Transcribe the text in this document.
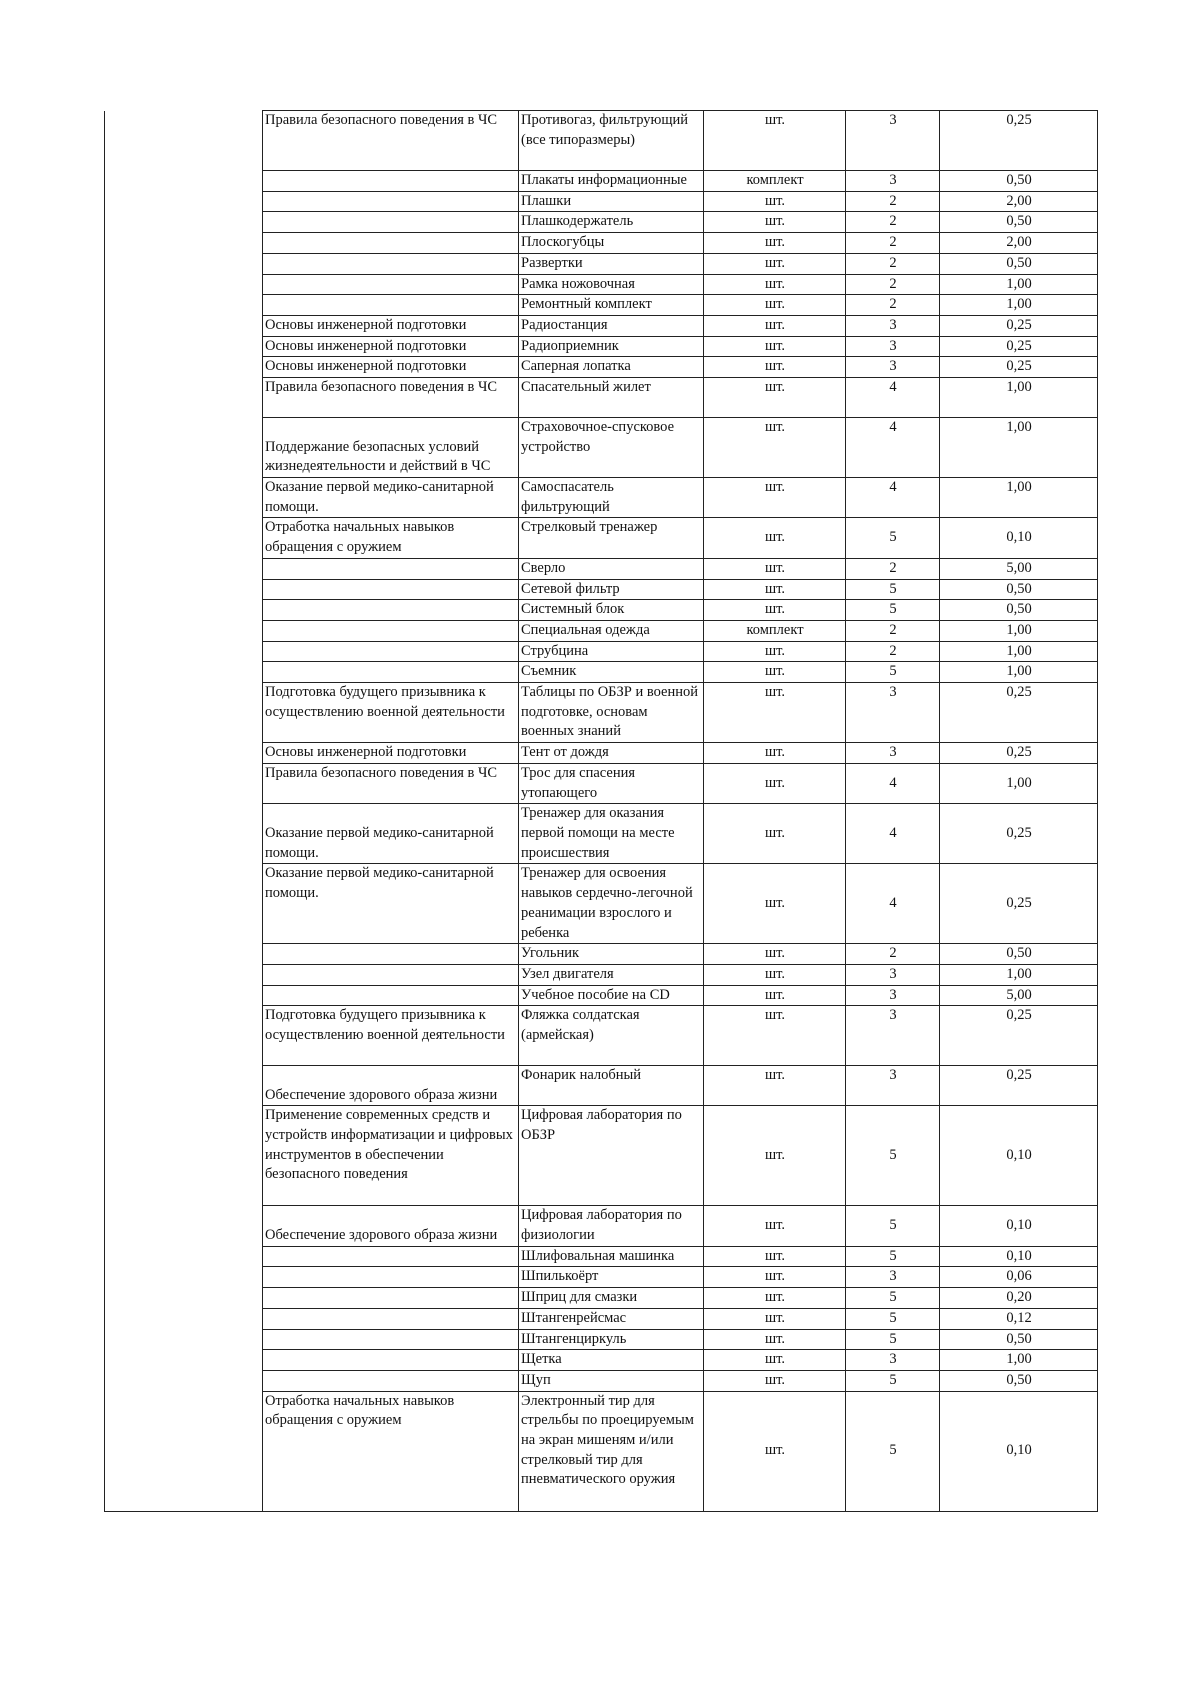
	Правила безопасного поведения в ЧС	Противогаз, фильтрующий (все типоразмеры)	шт.	3	0,25
		Плакаты информационные	комплект	3	0,50
		Плашки	шт.	2	2,00
		Плашкодержатель	шт.	2	0,50
		Плоскогубцы	шт.	2	2,00
		Развертки	шт.	2	0,50
		Рамка ножовочная	шт.	2	1,00
		Ремонтный комплект	шт.	2	1,00
	Основы инженерной подготовки	Радиостанция	шт.	3	0,25
	Основы инженерной подготовки	Радиоприемник	шт.	3	0,25
	Основы инженерной подготовки	Саперная лопатка	шт.	3	0,25
	Правила безопасного поведения в ЧС	Спасательный жилет	шт.	4	1,00
	Поддержание безопасных условий жизнедеятельности и действий в ЧС	Страховочное-спусковое устройство	шт.	4	1,00
	Оказание первой медико-санитарной помощи.	Самоспасатель фильтрующий	шт.	4	1,00
	Отработка начальных навыков обращения с оружием	Стрелковый тренажер	шт.	5	0,10
		Сверло	шт.	2	5,00
		Сетевой фильтр	шт.	5	0,50
		Системный блок	шт.	5	0,50
		Специальная одежда	комплект	2	1,00
		Струбцина	шт.	2	1,00
		Съемник	шт.	5	1,00
	Подготовка будущего призывника к осуществлению военной деятельности	Таблицы по ОБЗР и военной подготовке, основам военных знаний	шт.	3	0,25
	Основы инженерной подготовки	Тент от дождя	шт.	3	0,25
	Правила безопасного поведения в ЧС	Трос для спасения утопающего	шт.	4	1,00
	Оказание первой медико-санитарной помощи.	Тренажер для оказания первой помощи на месте происшествия	шт.	4	0,25
	Оказание первой медико-санитарной помощи.	Тренажер для освоения навыков сердечно-легочной реанимации взрослого и ребенка	шт.	4	0,25
		Угольник	шт.	2	0,50
		Узел двигателя	шт.	3	1,00
		Учебное пособие на CD	шт.	3	5,00
	Подготовка будущего призывника к осуществлению военной деятельности	Фляжка солдатская (армейская)	шт.	3	0,25
	Обеспечение здорового образа жизни	Фонарик налобный	шт.	3	0,25
	Применение современных средств и устройств информатизации и цифровых инструментов в обеспечении безопасного поведения	Цифровая лаборатория по ОБЗР	шт.	5	0,10
	Обеспечение здорового образа жизни	Цифровая лаборатория по физиологии	шт.	5	0,10
		Шлифовальная машинка	шт.	5	0,10
		Шпилькоёрт	шт.	3	0,06
		Шприц для смазки	шт.	5	0,20
		Штангенрейсмас	шт.	5	0,12
		Штангенциркуль	шт.	5	0,50
		Щетка	шт.	3	1,00
		Щуп	шт.	5	0,50
	Отработка начальных навыков обращения с оружием	Электронный тир для стрельбы по проецируемым на экран мишеням и/или стрелковый тир для пневматического оружия	шт.	5	0,10
